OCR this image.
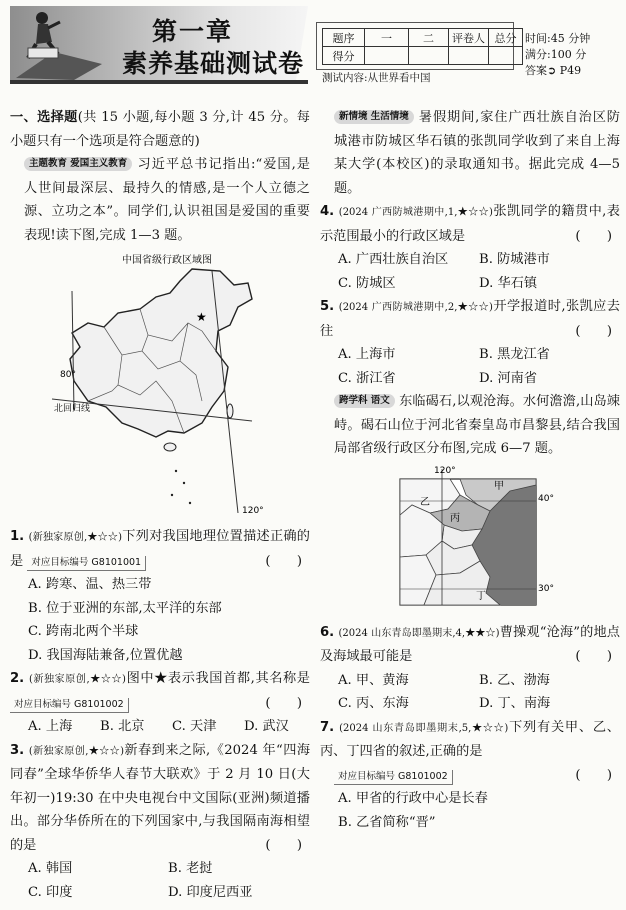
第一章
素养基础测试卷
题序	一	二	评卷人	总分
得分				
测试内容:从世界看中国
时间:45 分钟
满分:100 分
答案➲ P49

一、选择题(共 15 小题,每小题 3 分,计 45 分。每小题只有一个选项是符合题意的)

主题教育 爱国主义教育 习近平总书记指出:“爱国,是人世间最深层、最持久的情感,是一个人立德之源、立功之本”。同学们,认识祖国是爱国的重要表现!读下图,完成 1—3 题。

中国省级行政区域图
★
80°
120°
北回归线

1. (新独家原创,★☆☆)下列对我国地理位置描述正确的是 对应目标编号 G8101001	(　　)

A. 跨寒、温、热三带

B. 位于亚洲的东部,太平洋的东部

C. 跨南北两个半球

D. 我国海陆兼备,位置优越

2. (新独家原创,★☆☆)图中★表示我国首都,其名称是 对应目标编号 G8101002	(　　)

A. 上海	B. 北京	C. 天津	D. 武汉

3. (新独家原创,★☆☆)新春到来之际,《2024 年“四海同春”全球华侨华人春节大联欢》于 2 月 10 日(大年初一)19:30 在中央电视台中文国际(亚洲)频道播出。部分华侨所在的下列国家中,与我国隔南海相望的是	(　　)

A. 韩国	B. 老挝
C. 印度	D. 印度尼西亚

新情境 生活情境 暑假期间,家住广西壮族自治区防城港市防城区华石镇的张凯同学收到了来自上海某大学(本校区)的录取通知书。据此完成 4—5 题。

4. (2024 广西防城港期中,1,★☆☆)张凯同学的籍贯中,表示范围最小的行政区域是	(　　)

A. 广西壮族自治区	B. 防城港市
C. 防城区	D. 华石镇

5. (2024 广西防城港期中,2,★☆☆)开学报道时,张凯应去往	(　　)

A. 上海市	B. 黑龙江省
C. 浙江省	D. 河南省

跨学科 语文 东临碣石,以观沧海。水何澹澹,山岛竦峙。碣石山位于河北省秦皇岛市昌黎县,结合我国局部省级行政区分布图,完成 6—7 题。

120°
40°
30°
甲
乙
丙
丁

6. (2024 山东青岛即墨期末,4,★★☆)曹操观“沧海”的地点及海域最可能是	(　　)

A. 甲、黄海	B. 乙、渤海
C. 丙、东海	D. 丁、南海

7. (2024 山东青岛即墨期末,5,★☆☆)下列有关甲、乙、丙、丁四省的叙述,正确的是

对应目标编号 G8101002	(　　)

A. 甲省的行政中心是长春

B. 乙省简称“晋”
